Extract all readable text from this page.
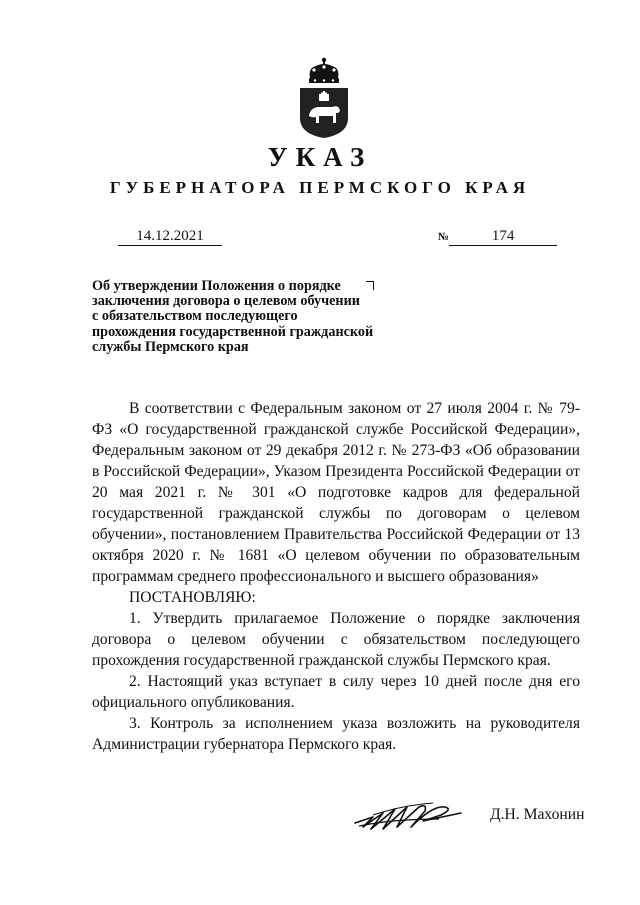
УКАЗ
ГУБЕРНАТОРА ПЕРМСКОГО КРАЯ
14.12.2021	№	174
Об утверждении Положения о порядке
заключения договора о целевом обучении
с обязательством последующего
прохождения государственной гражданской
службы Пермского края

В соответствии с Федеральным законом от 27 июля 2004 г. № 79-ФЗ «О государственной гражданской службе Российской Федерации», Федеральным законом от 29 декабря 2012 г. № 273-ФЗ «Об образовании в Российской Федерации», Указом Президента Российской Федерации от 20 мая 2021 г. № 301 «О подготовке кадров для федеральной государственной гражданской службы по договорам о целевом обучении», постановлением Правительства Российской Федерации от 13 октября 2020 г. № 1681 «О целевом обучении по образовательным программам среднего профессионального и высшего образования»

ПОСТАНОВЛЯЮ:

1. Утвердить прилагаемое Положение о порядке заключения договора о целевом обучении с обязательством последующего прохождения государственной гражданской службы Пермского края.

2. Настоящий указ вступает в силу через 10 дней после дня его официального опубликования.

3. Контроль за исполнением указа возложить на руководителя Администрации губернатора Пермского края.

Д.Н. Махонин
